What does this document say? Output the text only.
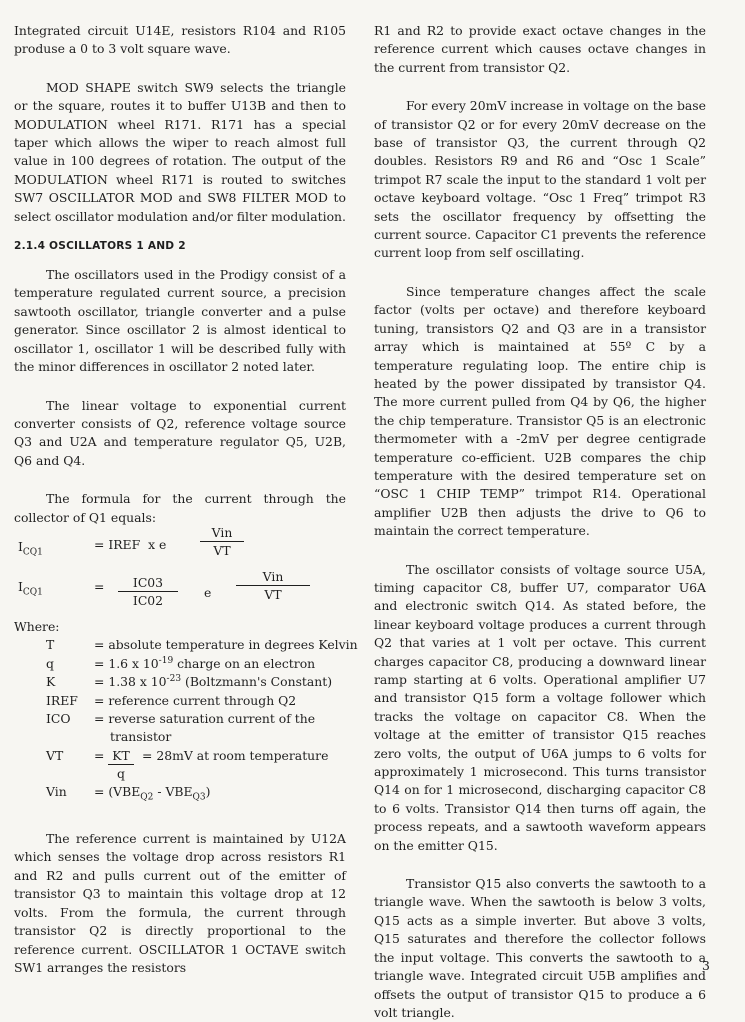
Integrated circuit U14E, resistors R104 and R105 produse a 0 to 3 volt square wave.

MOD SHAPE switch SW9 selects the triangle or the square, routes it to buffer U13B and then to MODULATION wheel R171. R171 has a special taper which allows the wiper to reach almost full value in 100 degrees of rotation. The output of the MODULATION wheel R171 is routed to switches SW7 OSCILLATOR MOD and SW8 FILTER MOD to select oscillator modulation and/or filter modulation.

2.1.4 OSCILLATORS 1 AND 2

The oscillators used in the Prodigy consist of a temperature regulated current source, a precision sawtooth oscillator, triangle converter and a pulse generator. Since oscillator 2 is almost identical to oscillator 1, oscillator 1 will be described fully with the minor differences in oscillator 2 noted later.

The linear voltage to exponential current converter consists of Q2, reference voltage source Q3 and U2A and temperature regulator Q5, U2B, Q6 and Q4.

The formula for the current through the collector of Q1 equals:

$I_{CQ1}$
= IREF  x e
Vin
VT
$I_{CQ1}$	= $\frac{IC03}{IC02}$ e
Vin
VT
Where:
T	= absolute temperature in degrees Kelvin
q	= 1.6 x $10^{-19}$ charge on an electron
K	= 1.38 x $10^{-23}$ (Boltzmann's Constant)
IREF = reference current through Q2
ICO = reverse saturation current of the
transistor
VT = $\frac{KT}{q} = 28mV$ at room temperature
Vin = $(VBE_{Q2} - VBE_{Q3})$

The reference current is maintained by U12A which senses the voltage drop across resistors R1 and R2 and pulls current out of the emitter of transistor Q3 to maintain this voltage drop at 12 volts. From the formula, the current through transistor Q2 is directly proportional to the reference current. OSCILLATOR 1 OCTAVE switch SW1 arranges the resistors

R1 and R2 to provide exact octave changes in the reference current which causes octave changes in the current from transistor Q2.

For every 20mV increase in voltage on the base of transistor Q2 or for every 20mV decrease on the base of transistor Q3, the current through Q2 doubles. Resistors R9 and R6 and “Osc 1 Scale” trimpot R7 scale the input to the standard 1 volt per octave keyboard voltage. “Osc 1 Freq” trimpot R3 sets the oscillator frequency by offsetting the current source. Capacitor C1 prevents the reference current loop from self oscillating.

Since temperature changes affect the scale factor (volts per octave) and therefore keyboard tuning, transistors Q2 and Q3 are in a transistor array which is maintained at 55º C by a temperature regulating loop. The entire chip is heated by the power dissipated by transistor Q4. The more current pulled from Q4 by Q6, the higher the chip temperature. Transistor Q5 is an electronic thermometer with a -2mV per degree centigrade temperature co-efficient. U2B compares the chip temperature with the desired temperature set on “OSC 1 CHIP TEMP” trimpot R14. Operational amplifier U2B then adjusts the drive to Q6 to maintain the correct temperature.

The oscillator consists of voltage source U5A, timing capacitor C8, buffer U7, comparator U6A and electronic switch Q14. As stated before, the linear keyboard voltage produces a current through Q2 that varies at 1 volt per octave. This current charges capacitor C8, producing a downward linear ramp starting at 6 volts. Operational amplifier U7 and transistor Q15 form a voltage follower which tracks the voltage on capacitor C8. When the voltage at the emitter of transistor Q15 reaches zero volts, the output of U6A jumps to 6 volts for approximately 1 microsecond. This turns transistor Q14 on for 1 microsecond, discharging capacitor C8 to 6 volts. Transistor Q14 then turns off again, the process repeats, and a sawtooth waveform appears on the emitter Q15.

Transistor Q15 also converts the sawtooth to a triangle wave. When the sawtooth is below 3 volts, Q15 acts as a simple inverter. But above 3 volts, Q15 saturates and therefore the collector follows the input voltage. This converts the sawtooth to a triangle wave. Integrated circuit U5B amplifies and offsets the output of transistor Q15 to produce a 6 volt triangle.

3
